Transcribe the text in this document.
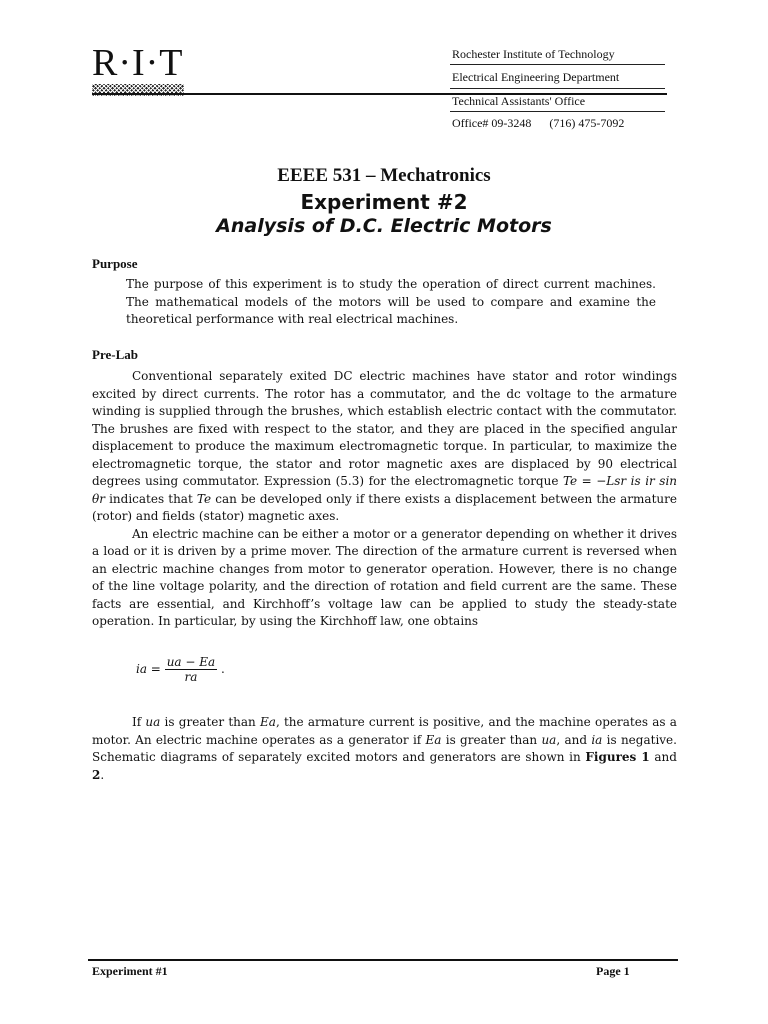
R·I·T	Rochester Institute of Technology
Electrical Engineering Department
Technical Assistants' Office
Office# 09-3248      (716) 475-7092
EEEE 531 – Mechatronics
Experiment #2
Analysis of D.C. Electric Motors
Purpose

The purpose of this experiment is to study the operation of direct current machines. The mathematical models of the motors will be used to compare and examine the theoretical performance with real electrical machines.

Pre-Lab

Conventional separately exited DC electric machines have stator and rotor windings excited by direct currents. The rotor has a commutator, and the dc voltage to the armature winding is supplied through the brushes, which establish electric contact with the commutator. The brushes are fixed with respect to the stator, and they are placed in the specified angular displacement to produce the maximum electromagnetic torque. In particular, to maximize the electromagnetic torque, the stator and rotor magnetic axes are displaced by 90 electrical degrees using commutator. Expression (5.3) for the electromagnetic torque Te = −Lsr is ir sin θr indicates that Te can be developed only if there exists a displacement between the armature (rotor) and fields (stator) magnetic axes.

An electric machine can be either a motor or a generator depending on whether it drives a load or it is driven by a prime mover. The direction of the armature current is reversed when an electric machine changes from motor to generator operation. However, there is no change of the line voltage polarity, and the direction of rotation and field current are the same. These facts are essential, and Kirchhoff’s voltage law can be applied to study the steady-state operation. In particular, by using the Kirchhoff law, one obtains

ia = $\frac{ua - Ea}{ra}$ .

If ua is greater than Ea, the armature current is positive, and the machine operates as a motor. An electric machine operates as a generator if Ea is greater than ua, and ia is negative. Schematic diagrams of separately excited motors and generators are shown in Figures 1 and 2.

Experiment #1	Page 1
